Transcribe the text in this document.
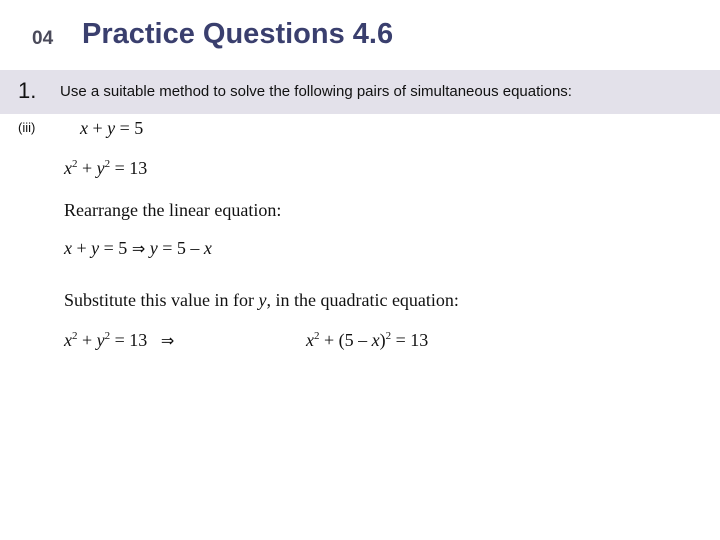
04 Practice Questions 4.6
1. Use a suitable method to solve the following pairs of simultaneous equations:
(iii) x + y = 5
$x^2 + y^2 = 13$
Rearrange the linear equation:
x + y = 5 ⇒ y = 5 – x
Substitute this value in for y, in the quadratic equation:
$x^2 + y^2 = 13$ ⇒	$x^2 + (5 - x)^2 = 13$
